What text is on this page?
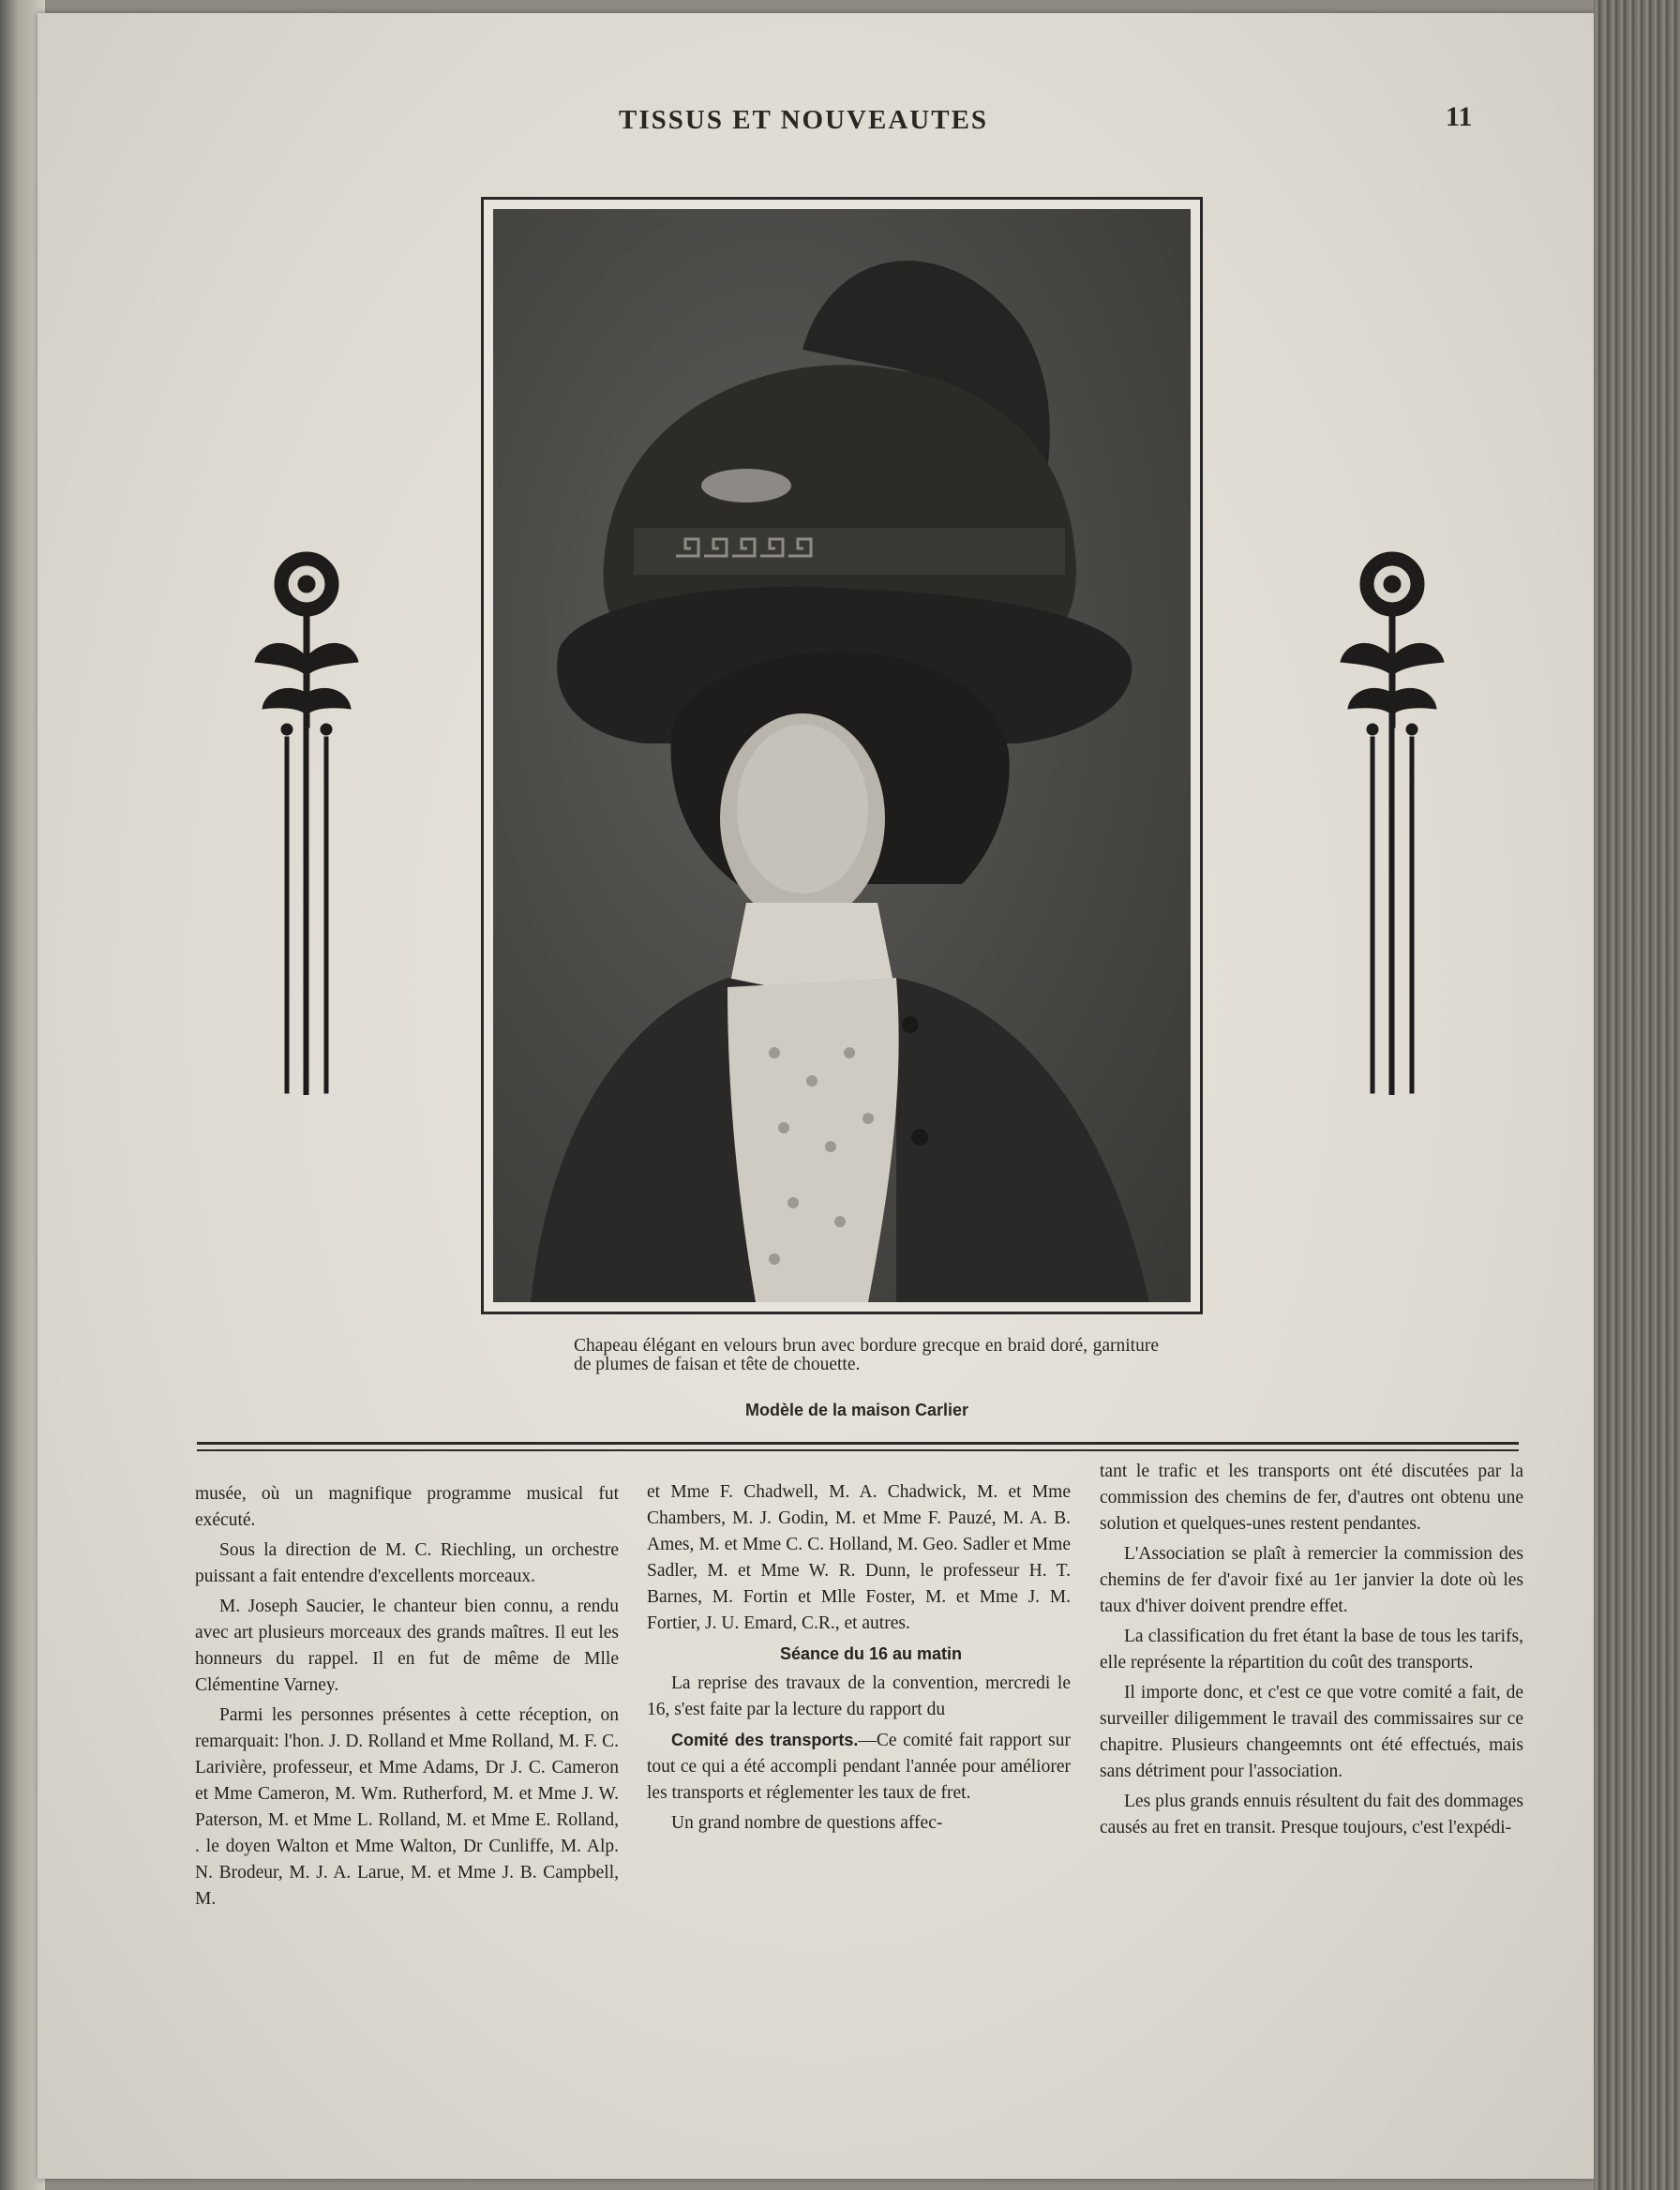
TISSUS ET NOUVEAUTES	11
Chapeau élégant en velours brun avec bordure grecque en braid doré, garniture de plumes de faisan et tête de chouette.
Modèle de la maison Carlier

musée, où un magnifique programme musical fut exécuté.

Sous la direction de M. C. Riechling, un orchestre puissant a fait entendre d'excellents morceaux.

M. Joseph Saucier, le chanteur bien connu, a rendu avec art plusieurs morceaux des grands maîtres. Il eut les honneurs du rappel. Il en fut de même de Mlle Clémentine Varney.

Parmi les personnes présentes à cette réception, on remarquait: l'hon. J. D. Rolland et Mme Rolland, M. F. C. Larivière, professeur, et Mme Adams, Dr J. C. Cameron et Mme Cameron, M. Wm. Rutherford, M. et Mme J. W. Paterson, M. et Mme L. Rolland, M. et Mme E. Rolland, . le doyen Walton et Mme Walton, Dr Cunliffe, M. Alp. N. Brodeur, M. J. A. Larue, M. et Mme J. B. Campbell, M.

et Mme F. Chadwell, M. A. Chadwick, M. et Mme Chambers, M. J. Godin, M. et Mme F. Pauzé, M. A. B. Ames, M. et Mme C. C. Holland, M. Geo. Sadler et Mme Sadler, M. et Mme W. R. Dunn, le professeur H. T. Barnes, M. Fortin et Mlle Foster, M. et Mme J. M. Fortier, J. U. Emard, C.R., et autres.

Séance du 16 au matin

La reprise des travaux de la convention, mercredi le 16, s'est faite par la lecture du rapport du

Comité des transports.—Ce comité fait rapport sur tout ce qui a été accompli pendant l'année pour améliorer les transports et réglementer les taux de fret.

Un grand nombre de questions affec-

tant le trafic et les transports ont été discutées par la commission des chemins de fer, d'autres ont obtenu une solution et quelques-unes restent pendantes.

L'Association se plaît à remercier la commission des chemins de fer d'avoir fixé au 1er janvier la dote où les taux d'hiver doivent prendre effet.

La classification du fret étant la base de tous les tarifs, elle représente la répartition du coût des transports.

Il importe donc, et c'est ce que votre comité a fait, de surveiller diligemment le travail des commissaires sur ce chapitre. Plusieurs changeemnts ont été effectués, mais sans détriment pour l'association.

Les plus grands ennuis résultent du fait des dommages causés au fret en transit. Presque toujours, c'est l'expédi-
